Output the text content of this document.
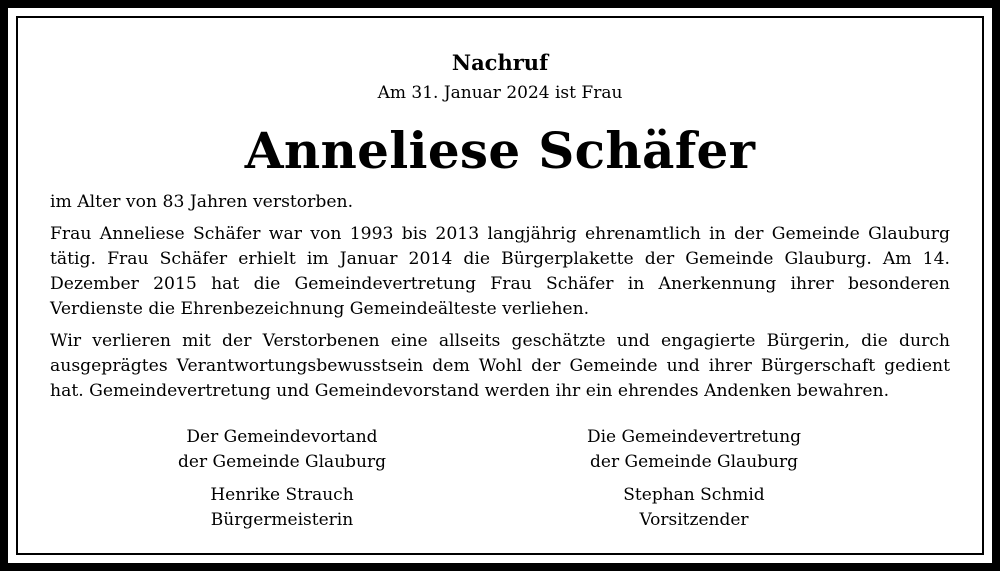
Nachruf

Am 31. Januar 2024 ist Frau

Anneliese Schäfer

im Alter von 83 Jahren verstorben.

Frau Anneliese Schäfer war von 1993 bis 2013 langjährig ehrenamtlich in der Gemeinde Glauburg tätig. Frau Schäfer erhielt im Januar 2014 die Bürgerplakette der Gemeinde Glauburg. Am 14. Dezember 2015 hat die Gemeindevertretung Frau Schäfer in Anerkennung ihrer besonderen Verdienste die Ehrenbezeichnung Gemeindeälteste verliehen.

Wir verlieren mit der Verstorbenen eine allseits geschätzte und engagierte Bürgerin, die durch ausgeprägtes Verantwortungsbewusstsein dem Wohl der Gemeinde und ihrer Bürgerschaft gedient hat. Gemeindevertretung und Gemeindevorstand werden ihr ein ehrendes Andenken bewahren.

Der Gemeindevortand
der Gemeinde Glauburg
Henrike Strauch
Bürgermeisterin
Die Gemeindevertretung
der Gemeinde Glauburg
Stephan Schmid
Vorsitzender
